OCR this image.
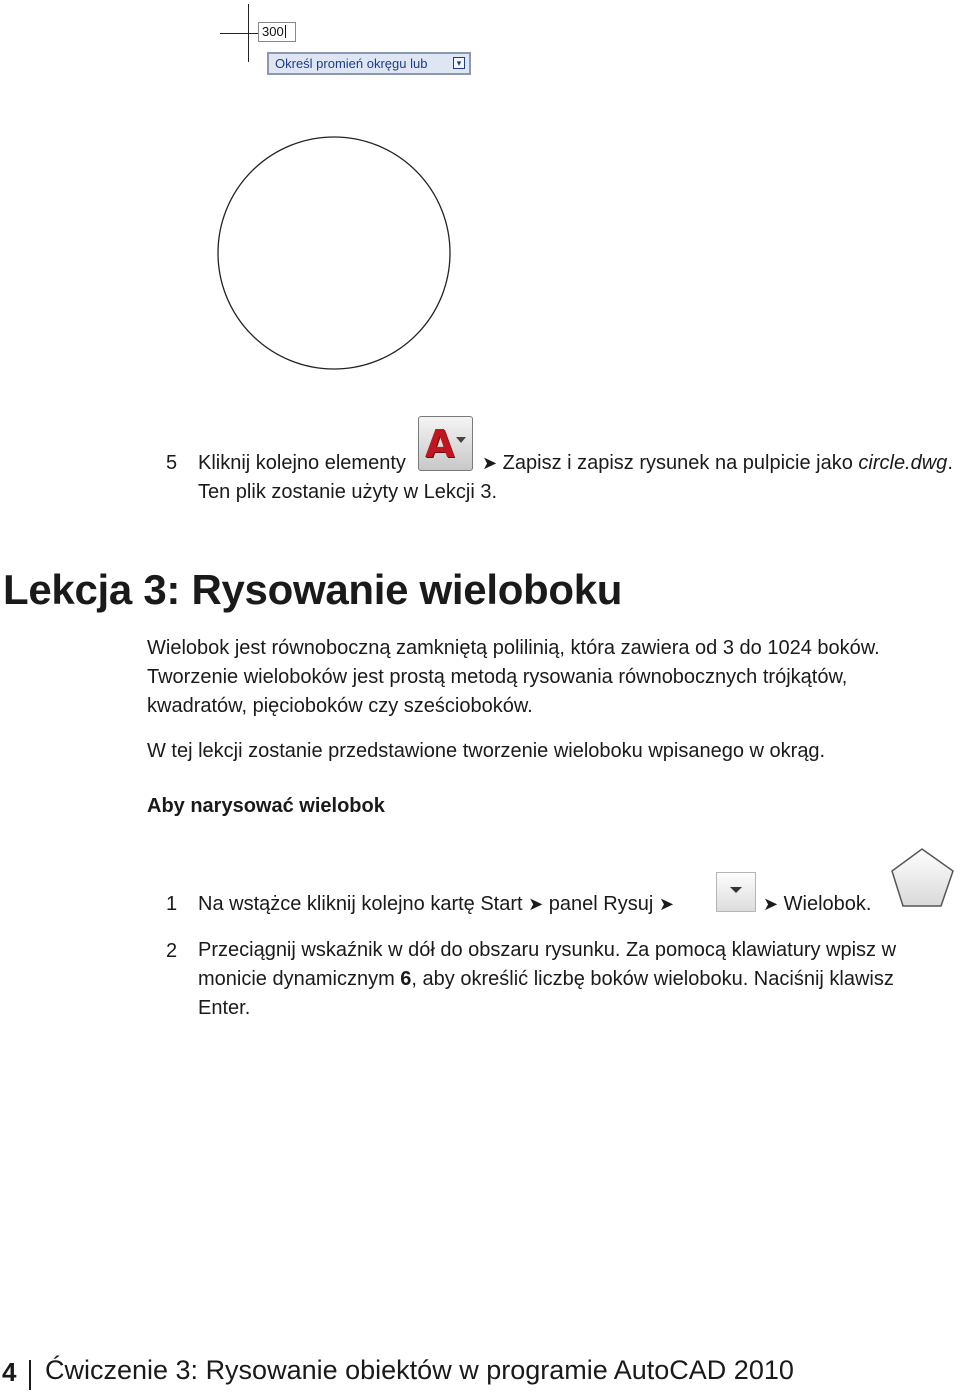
300
Określ promień okręgu lub	▾
5 Kliknij kolejno elementy A ➤ Zapisz i zapisz rysunek na pulpicie jako circle.dwg.
Ten plik zostanie użyty w Lekcji 3.
Lekcja 3: Rysowanie wieloboku
Wielobok jest równoboczną zamkniętą polilinią, która zawiera od 3 do 1024 boków.
Tworzenie wieloboków jest prostą metodą rysowania równobocznych trójkątów,
kwadratów, pięcioboków czy sześcioboków.
W tej lekcji zostanie przedstawione tworzenie wieloboku wpisanego w okrąg.
Aby narysować wielobok
1 Na wstążce kliknij kolejno kartę Start ➤ panel Rysuj ➤	➤ Wielobok.
2 Przeciągnij wskaźnik w dół do obszaru rysunku. Za pomocą klawiatury wpisz w
monicie dynamicznym 6, aby określić liczbę boków wieloboku. Naciśnij klawisz
Enter.
4 Ćwiczenie 3: Rysowanie obiektów w programie AutoCAD 2010
